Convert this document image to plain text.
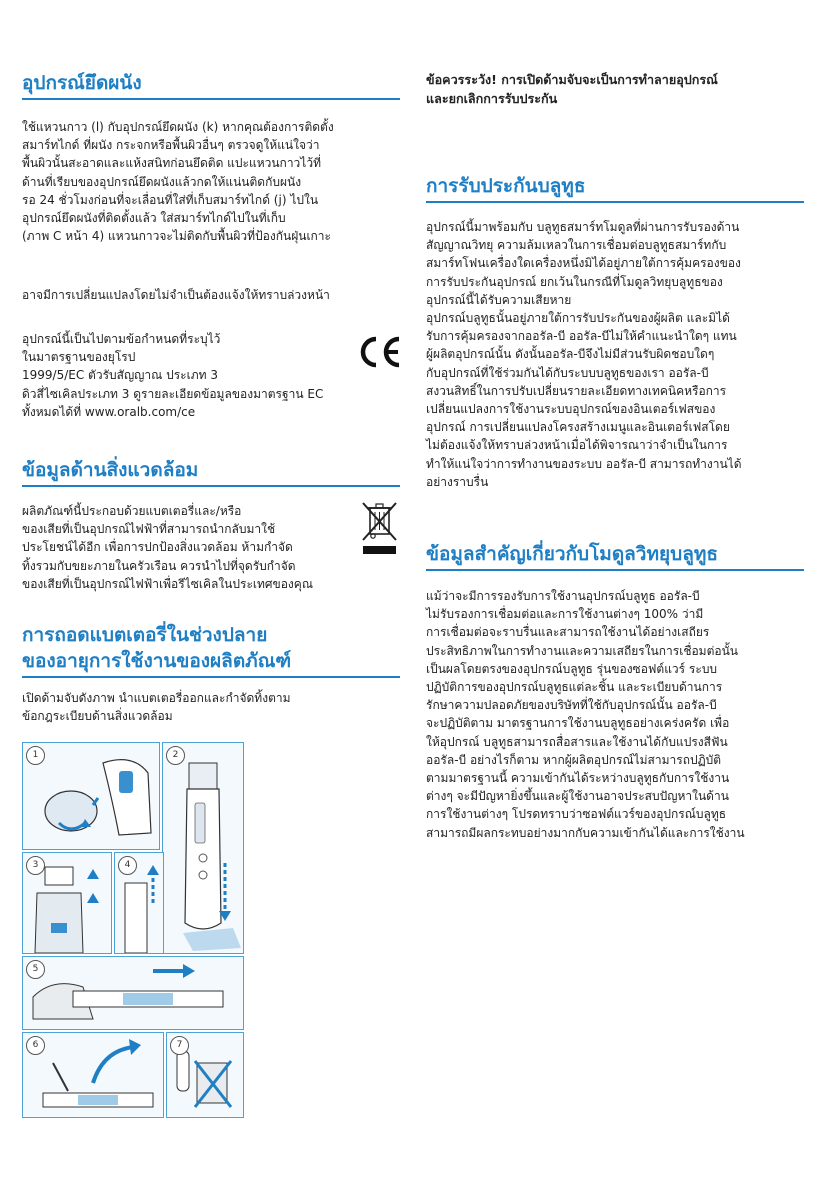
อุปกรณ์ยึดผนัง
ใช้แหวนกาว (l) กับอุปกรณ์ยึดผนัง (k) หากคุณต้องการติดตั้ง
สมาร์ทไกด์ ที่ผนัง กระจกหรือพื้นผิวอื่นๆ ตรวจดูให้แน่ใจว่า
พื้นผิวนั้นสะอาดและแห้งสนิทก่อนยึดติด แปะแหวนกาวไว้ที่
ด้านที่เรียบของอุปกรณ์ยึดผนังแล้วกดให้แน่นติดกับผนัง
รอ 24 ชั่วโมงก่อนที่จะเลื่อนที่ใส่ที่เก็บสมาร์ทไกด์ (j) ไปใน
อุปกรณ์ยึดผนังที่ติดตั้งแล้ว ใส่สมาร์ทไกด์ไปในที่เก็บ
(ภาพ C หน้า 4) แหวนกาวจะไม่ติดกับพื้นผิวที่ป้องกันฝุ่นเกาะ
อาจมีการเปลี่ยนแปลงโดยไม่จำเป็นต้องแจ้งให้ทราบล่วงหน้า
อุปกรณ์นี้เป็นไปตามข้อกำหนดที่ระบุไว้
ในมาตรฐานของยุโรป
1999/5/EC ตัวรับสัญญาณ ประเภท 3
ดิวสี่ไซเคิลประเภท 3 ดูรายละเอียดข้อมูลของมาตรฐาน EC
ทั้งหมดได้ที่ www.oralb.com/ce
ข้อมูลด้านสิ่งแวดล้อม
ผลิตภัณฑ์นี้ประกอบด้วยแบตเตอรี่และ/หรือ
ของเสียที่เป็นอุปกรณ์ไฟฟ้าที่สามารถนำกลับมาใช้
ประโยชน์ได้อีก เพื่อการปกป้องสิ่งแวดล้อม ห้ามกำจัด
ทิ้งรวมกับขยะภายในครัวเรือน ควรนำไปที่จุดรับกำจัด
ของเสียที่เป็นอุปกรณ์ไฟฟ้าเพื่อรีไซเคิลในประเทศของคุณ
การถอดแบตเตอรี่ในช่วงปลาย
ของอายุการใช้งานของผลิตภัณฑ์
เปิดด้ามจับดังภาพ นำแบตเตอรี่ออกและกำจัดทิ้งตาม
ข้อกฎระเบียบด้านสิ่งแวดล้อม
1	2
3	4
5
6	7
ข้อควรระวัง! การเปิดด้ามจับจะเป็นการทำลายอุปกรณ์
และยกเลิกการรับประกัน
การรับประกันบลูทูธ
อุปกรณ์นี้มาพร้อมกับ บลูทูธสมาร์ทโมดูลที่ผ่านการรับรองด้าน
สัญญาณวิทยุ ความล้มเหลวในการเชื่อมต่อบลูทูธสมาร์ทกับ
สมาร์ทโฟนเครื่องใดเครื่องหนึ่งมิได้อยู่ภายใต้การคุ้มครองของ
การรับประกันอุปกรณ์ ยกเว้นในกรณีที่โมดูลวิทยุบลูทูธของ
อุปกรณ์นี้ได้รับความเสียหาย
อุปกรณ์บลูทูธนั้นอยู่ภายใต้การรับประกันของผู้ผลิต และมิได้
รับการคุ้มครองจากออรัล-บี ออรัล-บีไม่ให้คำแนะนำใดๆ แทน
ผู้ผลิตอุปกรณ์นั้น ดังนั้นออรัล-บีจึงไม่มีส่วนรับผิดชอบใดๆ
กับอุปกรณ์ที่ใช้ร่วมกันได้กับระบบบลูทูธของเรา ออรัล-บี
สงวนสิทธิ์ในการปรับเปลี่ยนรายละเอียดทางเทคนิคหรือการ
เปลี่ยนแปลงการใช้งานระบบอุปกรณ์ของอินเตอร์เฟสของ
อุปกรณ์ การเปลี่ยนแปลงโครงสร้างเมนูและอินเตอร์เฟสโดย
ไม่ต้องแจ้งให้ทราบล่วงหน้าเมื่อได้พิจารณาว่าจำเป็นในการ
ทำให้แน่ใจว่าการทำงานของระบบ ออรัล-บี สามารถทำงานได้
อย่างราบรื่น
ข้อมูลสำคัญเกี่ยวกับโมดูลวิทยุบลูทูธ
แม้ว่าจะมีการรองรับการใช้งานอุปกรณ์บลูทูธ ออรัล-บี
ไม่รับรองการเชื่อมต่อและการใช้งานต่างๆ 100% ว่ามี
การเชื่อมต่อจะราบรื่นและสามารถใช้งานได้อย่างเสถียร
ประสิทธิภาพในการทำงานและความเสถียรในการเชื่อมต่อนั้น
เป็นผลโดยตรงของอุปกรณ์บลูทูธ รุ่นของซอฟต์แวร์ ระบบ
ปฏิบัติการของอุปกรณ์บลูทูธแต่ละชิ้น และระเบียบด้านการ
รักษาความปลอดภัยของบริษัทที่ใช้กับอุปกรณ์นั้น ออรัล-บี
จะปฏิบัติตาม มาตรฐานการใช้งานบลูทูธอย่างเคร่งครัด เพื่อ
ให้อุปกรณ์ บลูทูธสามารถสื่อสารและใช้งานได้กับแปรงสีฟัน
ออรัล-บี อย่างไรก็ตาม หากผู้ผลิตอุปกรณ์ไม่สามารถปฏิบัติ
ตามมาตรฐานนี้ ความเข้ากันได้ระหว่างบลูทูธกับการใช้งาน
ต่างๆ จะมีปัญหายิ่งขึ้นและผู้ใช้งานอาจประสบปัญหาในด้าน
การใช้งานต่างๆ โปรดทราบว่าซอฟต์แวร์ของอุปกรณ์บลูทูธ
สามารถมีผลกระทบอย่างมากกับความเข้ากันได้และการใช้งาน
